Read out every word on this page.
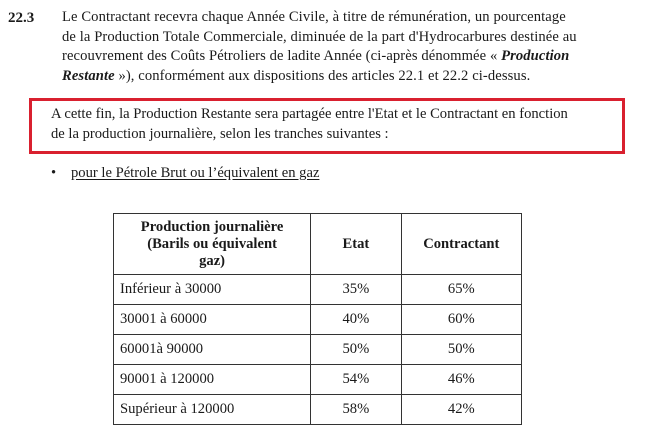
22.3 Le Contractant recevra chaque Année Civile, à titre de rémunération, un pourcentage
de la Production Totale Commerciale, diminuée de la part d'Hydrocarbures destinée au
recouvrement des Coûts Pétroliers de ladite Année (ci-après dénommée « Production
Restante »), conformément aux dispositions des articles 22.1 et 22.2 ci-dessus.
A cette fin, la Production Restante sera partagée entre l'Etat et le Contractant en fonction
de la production journalière, selon les tranches suivantes :
• pour le Pétrole Brut ou l’équivalent en gaz
Production journalière
(Barils ou équivalent
gaz)	Etat	Contractant
Inférieur à 30000	35%	65%
30001 à 60000	40%	60%
60001à 90000	50%	50%
90001 à 120000	54%	46%
Supérieur à 120000	58%	42%
